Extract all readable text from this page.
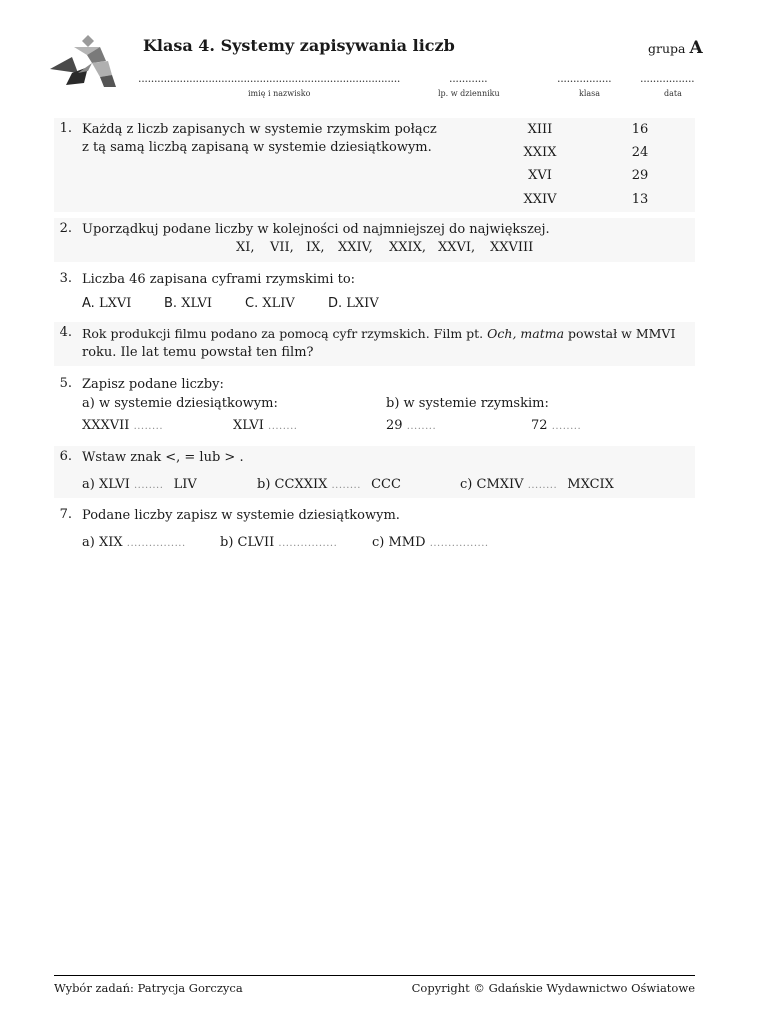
Klasa 4. Systemy zapisywania liczb	grupa A
..................................................................................
imię i nazwisko
............
lp. w dzienniku
.................
klasa
.................
data
1. Każdą z liczb zapisanych w systemie rzymskim połącz
z tą samą liczbą zapisaną w systemie dziesiątkowym.
XIII
XXIX
XVI
XXIV
16
24
29
13
2. Uporządkuj podane liczby w kolejności od najmniejszej do największej.
XI, VII, IX, XXIV, XXIX, XXVI, XXVIII
3. Liczba 46 zapisana cyframi rzymskimi to:
A. LXVI	B. XLVI	C. XLIV	D. LXIV
4. Rok produkcji filmu podano za pomocą cyfr rzymskich. Film pt. Och, matma powstał w MMVI
roku. Ile lat temu powstał ten film?
5. Zapisz podane liczby:
a) w systemie dziesiątkowym:	b) w systemie rzymskim:
XXXVII ........	XLVI ........	29 ........	72 ........
6. Wstaw znak <, = lub > .
a) XLVI ........ LIV	b) CCXXIX ........ CCC	c) CMXIV ........ MXCIX
7. Podane liczby zapisz w systemie dziesiątkowym.
a) XIX ................	b) CLVII ................	c) MMD ................
Wybór zadań: Patrycja Gorczyca	Copyright © Gdańskie Wydawnictwo Oświatowe
